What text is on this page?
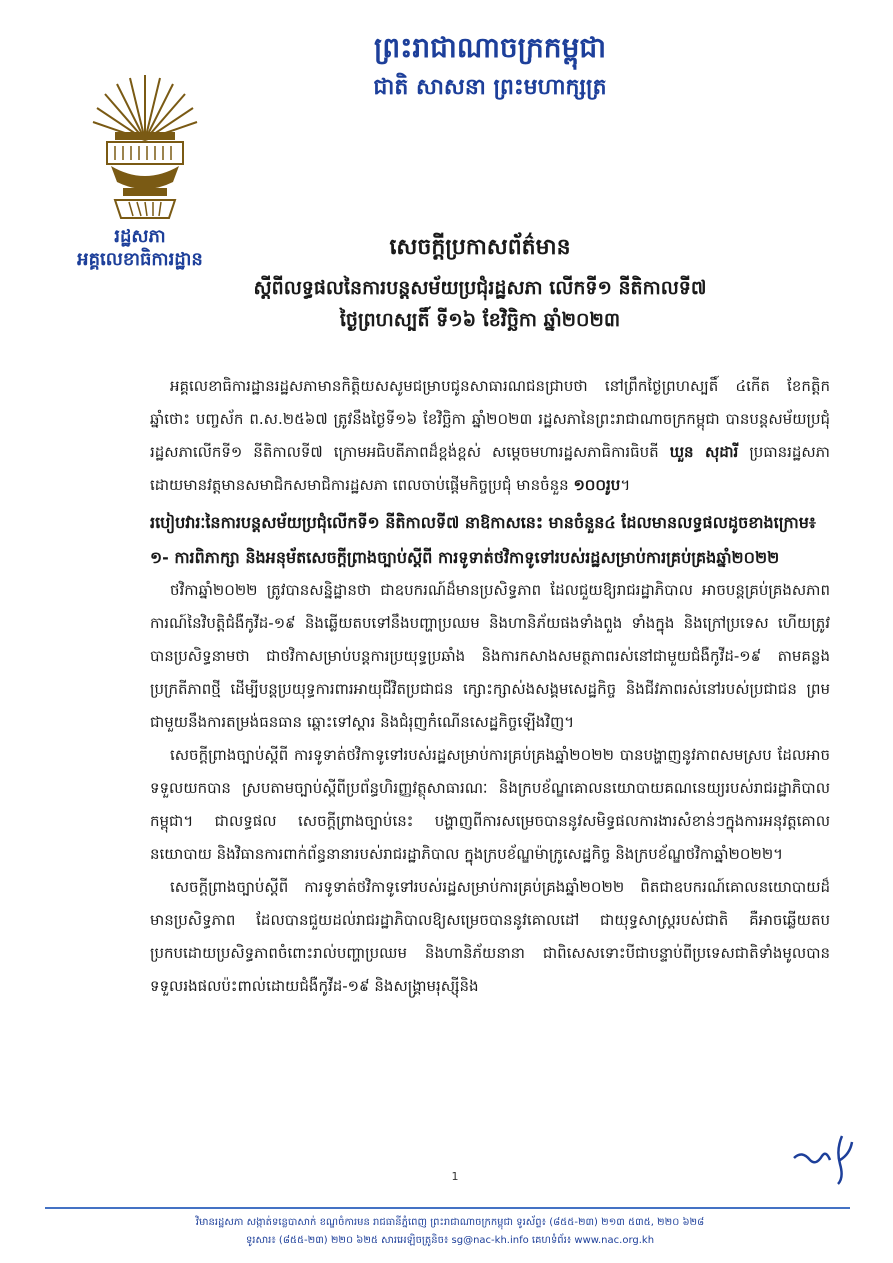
ព្រះរាជាណាចក្រកម្ពុជា
ជាតិ សាសនា ព្រះមហាក្សត្រ
រដ្ឋសភា
អគ្គលេខាធិការដ្ឋាន	សេចក្តីប្រកាសព័ត៌មាន
ស្តីពីលទ្ធផលនៃការបន្តសម័យប្រជុំរដ្ឋសភា លើកទី១ នីតិកាលទី៧
ថ្ងៃព្រហស្បតិ៍ ទី១៦ ខែវិច្ឆិកា ឆ្នាំ២០២៣

អគ្គលេខាធិការដ្ឋានរដ្ឋសភាមានកិត្តិយសសូមជម្រាបជូនសាធារណជនជ្រាបថា នៅព្រឹកថ្ងៃព្រហស្បតិ៍ ៤កើត ខែកត្តិក ឆ្នាំថោះ បញ្ចស័ក ព.ស.២៥៦៧ ត្រូវនឹងថ្ងៃទី១៦ ខែវិច្ឆិកា ឆ្នាំ២០២៣ រដ្ឋសភានៃព្រះរាជាណាចក្រកម្ពុជា បានបន្តសម័យប្រជុំរដ្ឋសភាលើកទី១ នីតិកាលទី៧ ក្រោមអធិបតីភាពដ៏ខ្ពង់ខ្ពស់ សម្តេចមហារដ្ឋសភាធិការធិបតី ឃួន សុដារី ប្រធានរដ្ឋសភា ដោយមានវត្តមានសមាជិកសមាជិការដ្ឋសភា ពេលចាប់ផ្តើមកិច្ចប្រជុំ មានចំនួន ១០០រូប។

របៀបវារៈនៃការបន្តសម័យប្រជុំលើកទី១ នីតិកាលទី៧ នាឱកាសនេះ មានចំនួន៤ ដែលមានលទ្ធផលដូចខាងក្រោម៖

១- ការពិភាក្សា និងអនុម័តសេចក្តីព្រាងច្បាប់ស្តីពី ការទូទាត់ថវិកាទូទៅរបស់រដ្ឋសម្រាប់ការគ្រប់គ្រងឆ្នាំ២០២២

ថវិកាឆ្នាំ២០២២ ត្រូវបានសន្និដ្ឋានថា ជាឧបករណ៍ដ៏មានប្រសិទ្ធភាព ដែលជួយឱ្យរាជរដ្ឋាភិបាល អាចបន្តគ្រប់គ្រងសភាពការណ៍នៃវិបត្តិជំងឺកូវីដ-១៩ និងឆ្លើយតបទៅនឹងបញ្ហាប្រឈម និងហានិភ័យផងទាំងពួង ទាំងក្នុង និងក្រៅប្រទេស ហើយត្រូវបានប្រសិទ្ធនាមថា ជាថវិកាសម្រាប់បន្តការប្រយុទ្ធប្រឆាំង និងការកសាងសមត្ថភាពរស់នៅជាមួយជំងឺកូវីដ-១៩ តាមគន្លងប្រក្រតីភាពថ្មី ដើម្បីបន្តប្រយុទ្ធការពារអាយុជីវិតប្រជាជន ក្សោះក្សាស់ងសង្គមសេដ្ឋកិច្ច និងជីវភាពរស់នៅរបស់ប្រជាជន ព្រមជាមួយនឹងការតម្រង់ធនធាន ឆ្ពោះទៅស្តារ និងជំរុញកំណើនសេដ្ឋកិច្ចឡើងវិញ។

សេចក្តីព្រាងច្បាប់ស្តីពី ការទូទាត់ថវិកាទូទៅរបស់រដ្ឋសម្រាប់ការគ្រប់គ្រងឆ្នាំ២០២២ បានបង្ហាញនូវភាពសមស្រប ដែលអាចទទួលយកបាន ស្របតាមច្បាប់ស្តីពីប្រព័ន្ធហិរញ្ញវត្ថុសាធារណៈ និងក្របខ័ណ្ឌគោលនយោបាយគណនេយ្យរបស់រាជរដ្ឋាភិបាលកម្ពុជា។ ជាលទ្ធផល សេចក្តីព្រាងច្បាប់នេះ បង្ហាញពីការសម្រេចបាននូវសមិទ្ធផលការងារសំខាន់ៗក្នុងការអនុវត្តគោលនយោបាយ និងវិធានការពាក់ព័ន្ធនានារបស់រាជរដ្ឋាភិបាល ក្នុងក្របខ័ណ្ឌម៉ាក្រូសេដ្ឋកិច្ច និងក្របខ័ណ្ឌថវិកាឆ្នាំ២០២២។

សេចក្តីព្រាងច្បាប់ស្តីពី ការទូទាត់ថវិកាទូទៅរបស់រដ្ឋសម្រាប់ការគ្រប់គ្រងឆ្នាំ២០២២ ពិតជាឧបករណ៍គោលនយោបាយដ៏មានប្រសិទ្ធភាព ដែលបានជួយដល់រាជរដ្ឋាភិបាលឱ្យសម្រេចបាននូវគោលដៅ ជាយុទ្ធសាស្ត្ររបស់ជាតិ គឺអាចឆ្លើយតបប្រកបដោយប្រសិទ្ធភាពចំពោះរាល់បញ្ហាប្រឈម និងហានិភ័យនានា ជាពិសេសទោះបីជាបន្ទាប់ពីប្រទេសជាតិទាំងមូលបានទទួលរងផលប៉ះពាល់ដោយជំងឺកូវីដ-១៩ និងសង្គ្រាមរុស្ស៊ីនិង

1
វិមានរដ្ឋសភា សង្កាត់ទន្លេបាសាក់ ខណ្ឌចំការមន រាជធានីភ្នំពេញ ព្រះរាជាណាចក្រកម្ពុជា ទូរស័ព្ទ៖ (៨៥៥-២៣) ២១៣ ៥៣៥, ២២០ ៦២៨
ទូរសារ៖ (៨៥៥-២៣) ២២០ ៦២៥ សារអេឡិចត្រូនិច៖ sg@nac-kh.info គេហទំព័រ៖ www.nac.org.kh
